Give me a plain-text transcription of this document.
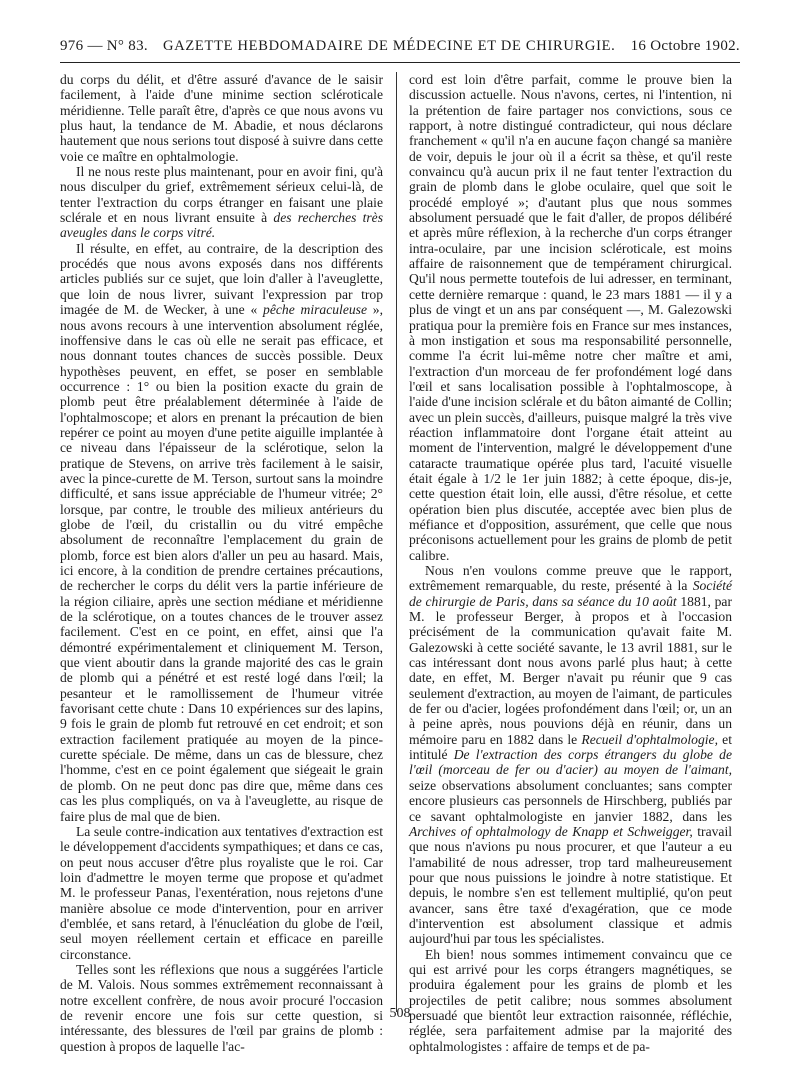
976 — N° 83. GAZETTE HEBDOMADAIRE DE MÉDECINE ET DE CHIRURGIE. 16 Octobre 1902.

du corps du délit, et d'être assuré d'avance de le saisir facilement, à l'aide d'une minime section scléroticale méridienne. Telle paraît être, d'après ce que nous avons vu plus haut, la tendance de M. Abadie, et nous déclarons hautement que nous serions tout disposé à suivre dans cette voie ce maître en ophtalmologie.

Il ne nous reste plus maintenant, pour en avoir fini, qu'à nous disculper du grief, extrêmement sérieux celui-là, de tenter l'extraction du corps étranger en faisant une plaie sclérale et en nous livrant ensuite à des recherches très aveugles dans le corps vitré.

Il résulte, en effet, au contraire, de la description des procédés que nous avons exposés dans nos différents articles publiés sur ce sujet, que loin d'aller à l'aveuglette, que loin de nous livrer, suivant l'expression par trop imagée de M. de Wecker, à une « pêche miraculeuse », nous avons recours à une intervention absolument réglée, inoffensive dans le cas où elle ne serait pas efficace, et nous donnant toutes chances de succès possible. Deux hypothèses peuvent, en effet, se poser en semblable occurrence : 1° ou bien la position exacte du grain de plomb peut être préalablement déterminée à l'aide de l'ophtalmoscope; et alors en prenant la précaution de bien repérer ce point au moyen d'une petite aiguille implantée à ce niveau dans l'épaisseur de la sclérotique, selon la pratique de Stevens, on arrive très facilement à le saisir, avec la pince-curette de M. Terson, surtout sans la moindre difficulté, et sans issue appréciable de l'humeur vitrée; 2° lorsque, par contre, le trouble des milieux antérieurs du globe de l'œil, du cristallin ou du vitré empêche absolument de reconnaître l'emplacement du grain de plomb, force est bien alors d'aller un peu au hasard. Mais, ici encore, à la condition de prendre certaines précautions, de rechercher le corps du délit vers la partie inférieure de la région ciliaire, après une section médiane et méridienne de la sclérotique, on a toutes chances de le trouver assez facilement. C'est en ce point, en effet, ainsi que l'a démontré expérimentalement et cliniquement M. Terson, que vient aboutir dans la grande majorité des cas le grain de plomb qui a pénétré et est resté logé dans l'œil; la pesanteur et le ramollissement de l'humeur vitrée favorisant cette chute : Dans 10 expériences sur des lapins, 9 fois le grain de plomb fut retrouvé en cet endroit; et son extraction facilement pratiquée au moyen de la pince-curette spéciale. De même, dans un cas de blessure, chez l'homme, c'est en ce point également que siégeait le grain de plomb. On ne peut donc pas dire que, même dans ces cas les plus compliqués, on va à l'aveuglette, au risque de faire plus de mal que de bien.

La seule contre-indication aux tentatives d'extraction est le développement d'accidents sympathiques; et dans ce cas, on peut nous accuser d'être plus royaliste que le roi. Car loin d'admettre le moyen terme que propose et qu'admet M. le professeur Panas, l'exentération, nous rejetons d'une manière absolue ce mode d'intervention, pour en arriver d'emblée, et sans retard, à l'énucléation du globe de l'œil, seul moyen réellement certain et efficace en pareille circonstance.

Telles sont les réflexions que nous a suggérées l'article de M. Valois. Nous sommes extrêmement reconnaissant à notre excellent confrère, de nous avoir procuré l'occasion de revenir encore une fois sur cette question, si intéressante, des blessures de l'œil par grains de plomb : question à propos de laquelle l'ac-

cord est loin d'être parfait, comme le prouve bien la discussion actuelle. Nous n'avons, certes, ni l'intention, ni la prétention de faire partager nos convictions, sous ce rapport, à notre distingué contradicteur, qui nous déclare franchement « qu'il n'a en aucune façon changé sa manière de voir, depuis le jour où il a écrit sa thèse, et qu'il reste convaincu qu'à aucun prix il ne faut tenter l'extraction du grain de plomb dans le globe oculaire, quel que soit le procédé employé »; d'autant plus que nous sommes absolument persuadé que le fait d'aller, de propos délibéré et après mûre réflexion, à la recherche d'un corps étranger intra-oculaire, par une incision scléroticale, est moins affaire de raisonnement que de tempérament chirurgical. Qu'il nous permette toutefois de lui adresser, en terminant, cette dernière remarque : quand, le 23 mars 1881 — il y a plus de vingt et un ans par conséquent —, M. Galezowski pratiqua pour la première fois en France sur mes instances, à mon instigation et sous ma responsabilité personnelle, comme l'a écrit lui-même notre cher maître et ami, l'extraction d'un morceau de fer profondément logé dans l'œil et sans localisation possible à l'ophtalmoscope, à l'aide d'une incision sclérale et du bâton aimanté de Collin; avec un plein succès, d'ailleurs, puisque malgré la très vive réaction inflammatoire dont l'organe était atteint au moment de l'intervention, malgré le développement d'une cataracte traumatique opérée plus tard, l'acuité visuelle était égale à 1/2 le 1er juin 1882; à cette époque, dis-je, cette question était loin, elle aussi, d'être résolue, et cette opération bien plus discutée, acceptée avec bien plus de méfiance et d'opposition, assurément, que celle que nous préconisons actuellement pour les grains de plomb de petit calibre.

Nous n'en voulons comme preuve que le rapport, extrêmement remarquable, du reste, présenté à la Société de chirurgie de Paris, dans sa séance du 10 août 1881, par M. le professeur Berger, à propos et à l'occasion précisément de la communication qu'avait faite M. Galezowski à cette société savante, le 13 avril 1881, sur le cas intéressant dont nous avons parlé plus haut; à cette date, en effet, M. Berger n'avait pu réunir que 9 cas seulement d'extraction, au moyen de l'aimant, de particules de fer ou d'acier, logées profondément dans l'œil; or, un an à peine après, nous pouvions déjà en réunir, dans un mémoire paru en 1882 dans le Recueil d'ophtalmologie, et intitulé De l'extraction des corps étrangers du globe de l'œil (morceau de fer ou d'acier) au moyen de l'aimant, seize observations absolument concluantes; sans compter encore plusieurs cas personnels de Hirschberg, publiés par ce savant ophtalmologiste en janvier 1882, dans les Archives of ophtalmology de Knapp et Schweigger, travail que nous n'avions pu nous procurer, et que l'auteur a eu l'amabilité de nous adresser, trop tard malheureusement pour que nous puissions le joindre à notre statistique. Et depuis, le nombre s'en est tellement multiplié, qu'on peut avancer, sans être taxé d'exagération, que ce mode d'intervention est absolument classique et admis aujourd'hui par tous les spécialistes.

Eh bien! nous sommes intimement convaincu que ce qui est arrivé pour les corps étrangers magnétiques, se produira également pour les grains de plomb et les projectiles de petit calibre; nous sommes absolument persuadé que bientôt leur extraction raisonnée, réfléchie, réglée, sera parfaitement admise par la majorité des ophtalmologistes : affaire de temps et de pa-

508
